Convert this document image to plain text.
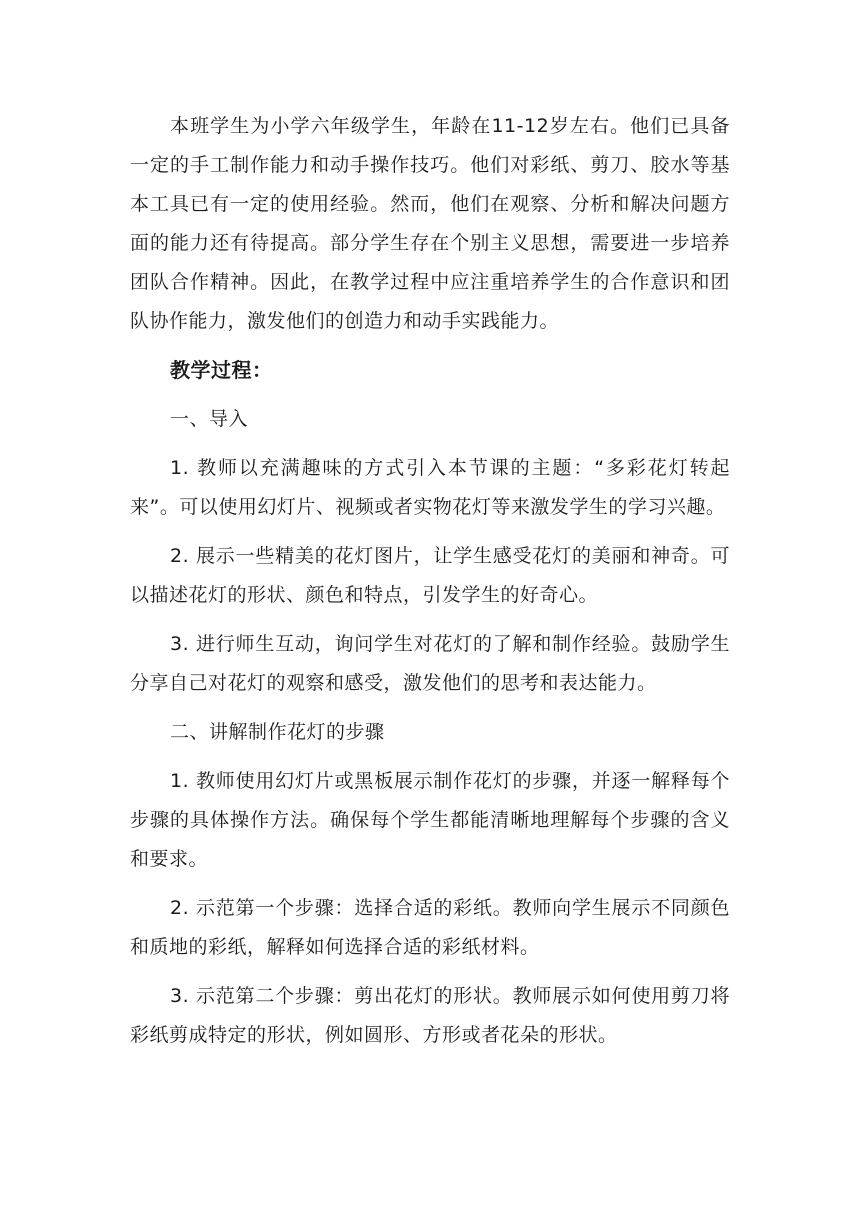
本班学生为小学六年级学生，年龄在11-12岁左右。他们已具备一定的手工制作能力和动手操作技巧。他们对彩纸、剪刀、胶水等基本工具已有一定的使用经验。然而，他们在观察、分析和解决问题方面的能力还有待提高。部分学生存在个别主义思想，需要进一步培养团队合作精神。因此，在教学过程中应注重培养学生的合作意识和团队协作能力，激发他们的创造力和动手实践能力。

教学过程：

一、导入

1. 教师以充满趣味的方式引入本节课的主题：“多彩花灯转起来”。可以使用幻灯片、视频或者实物花灯等来激发学生的学习兴趣。

2. 展示一些精美的花灯图片，让学生感受花灯的美丽和神奇。可以描述花灯的形状、颜色和特点，引发学生的好奇心。

3. 进行师生互动，询问学生对花灯的了解和制作经验。鼓励学生分享自己对花灯的观察和感受，激发他们的思考和表达能力。

二、讲解制作花灯的步骤

1. 教师使用幻灯片或黑板展示制作花灯的步骤，并逐一解释每个步骤的具体操作方法。确保每个学生都能清晰地理解每个步骤的含义和要求。

2. 示范第一个步骤：选择合适的彩纸。教师向学生展示不同颜色和质地的彩纸，解释如何选择合适的彩纸材料。

3. 示范第二个步骤：剪出花灯的形状。教师展示如何使用剪刀将彩纸剪成特定的形状，例如圆形、方形或者花朵的形状。
